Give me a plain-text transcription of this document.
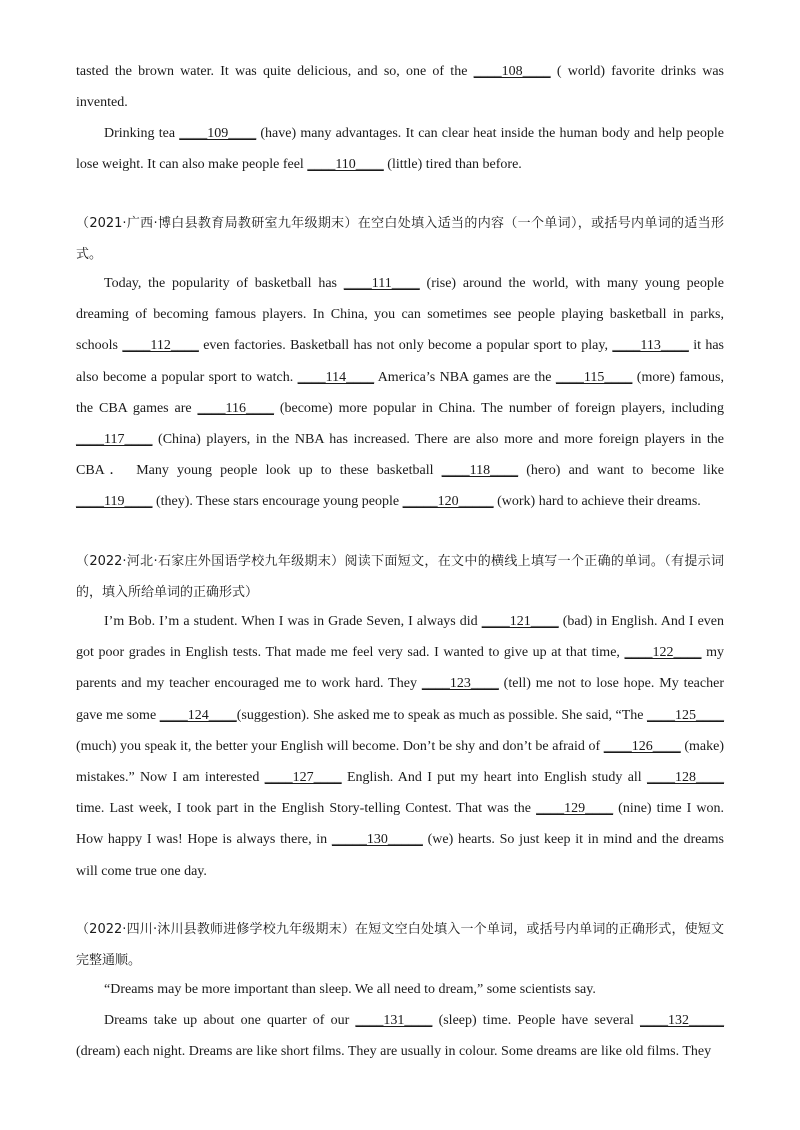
tasted the brown water. It was quite delicious, and so, one of the ____108____ ( world) favorite drinks was invented.

Drinking tea ____109____ (have) many advantages. It can clear heat inside the human body and help people lose weight. It can also make people feel ____110____ (little) tired than before.

（2021·广西·博白县教育局教研室九年级期末）在空白处填入适当的内容（一个单词），或括号内单词的适当形式。

Today, the popularity of basketball has ____111____ (rise) around the world, with many young people dreaming of becoming famous players. In China, you can sometimes see people playing basketball in parks, schools ____112____ even factories. Basketball has not only become a popular sport to play, ____113____ it has also become a popular sport to watch. ____114____ America’s NBA games are the ____115____ (more) famous, the CBA games are ____116____ (become) more popular in China. The number of foreign players, including ____117____ (China) players, in the NBA has increased. There are also more and more foreign players in the CBA． Many young people look up to these basketball ____118____ (hero) and want to become like ____119____ (they). These stars encourage young people _____120_____ (work) hard to achieve their dreams.

（2022·河北·石家庄外国语学校九年级期末）阅读下面短文，在文中的横线上填写一个正确的单词。（有提示词的，填入所给单词的正确形式）

I’m Bob. I’m a student. When I was in Grade Seven, I always did ____121____ (bad) in English. And I even got poor grades in English tests. That made me feel very sad. I wanted to give up at that time, ____122____ my parents and my teacher encouraged me to work hard. They ____123____ (tell) me not to lose hope. My teacher gave me some ____124____(suggestion). She asked me to speak as much as possible. She said, “The ____125____ (much) you speak it, the better your English will become. Don’t be shy and don’t be afraid of ____126____ (make) mistakes.” Now I am interested ____127____ English. And I put my heart into English study all ____128____ time. Last week, I took part in the English Story-telling Contest. That was the ____129____ (nine) time I won. How happy I was! Hope is always there, in _____130_____ (we) hearts. So just keep it in mind and the dreams will come true one day.

（2022·四川·沐川县教师进修学校九年级期末）在短文空白处填入一个单词，或括号内单词的正确形式，使短文完整通顺。

“Dreams may be more important than sleep. We all need to dream,” some scientists say.

Dreams take up about one quarter of our ____131____ (sleep) time. People have several ____132_____ (dream) each night. Dreams are like short films. They are usually in colour. Some dreams are like old films. They
